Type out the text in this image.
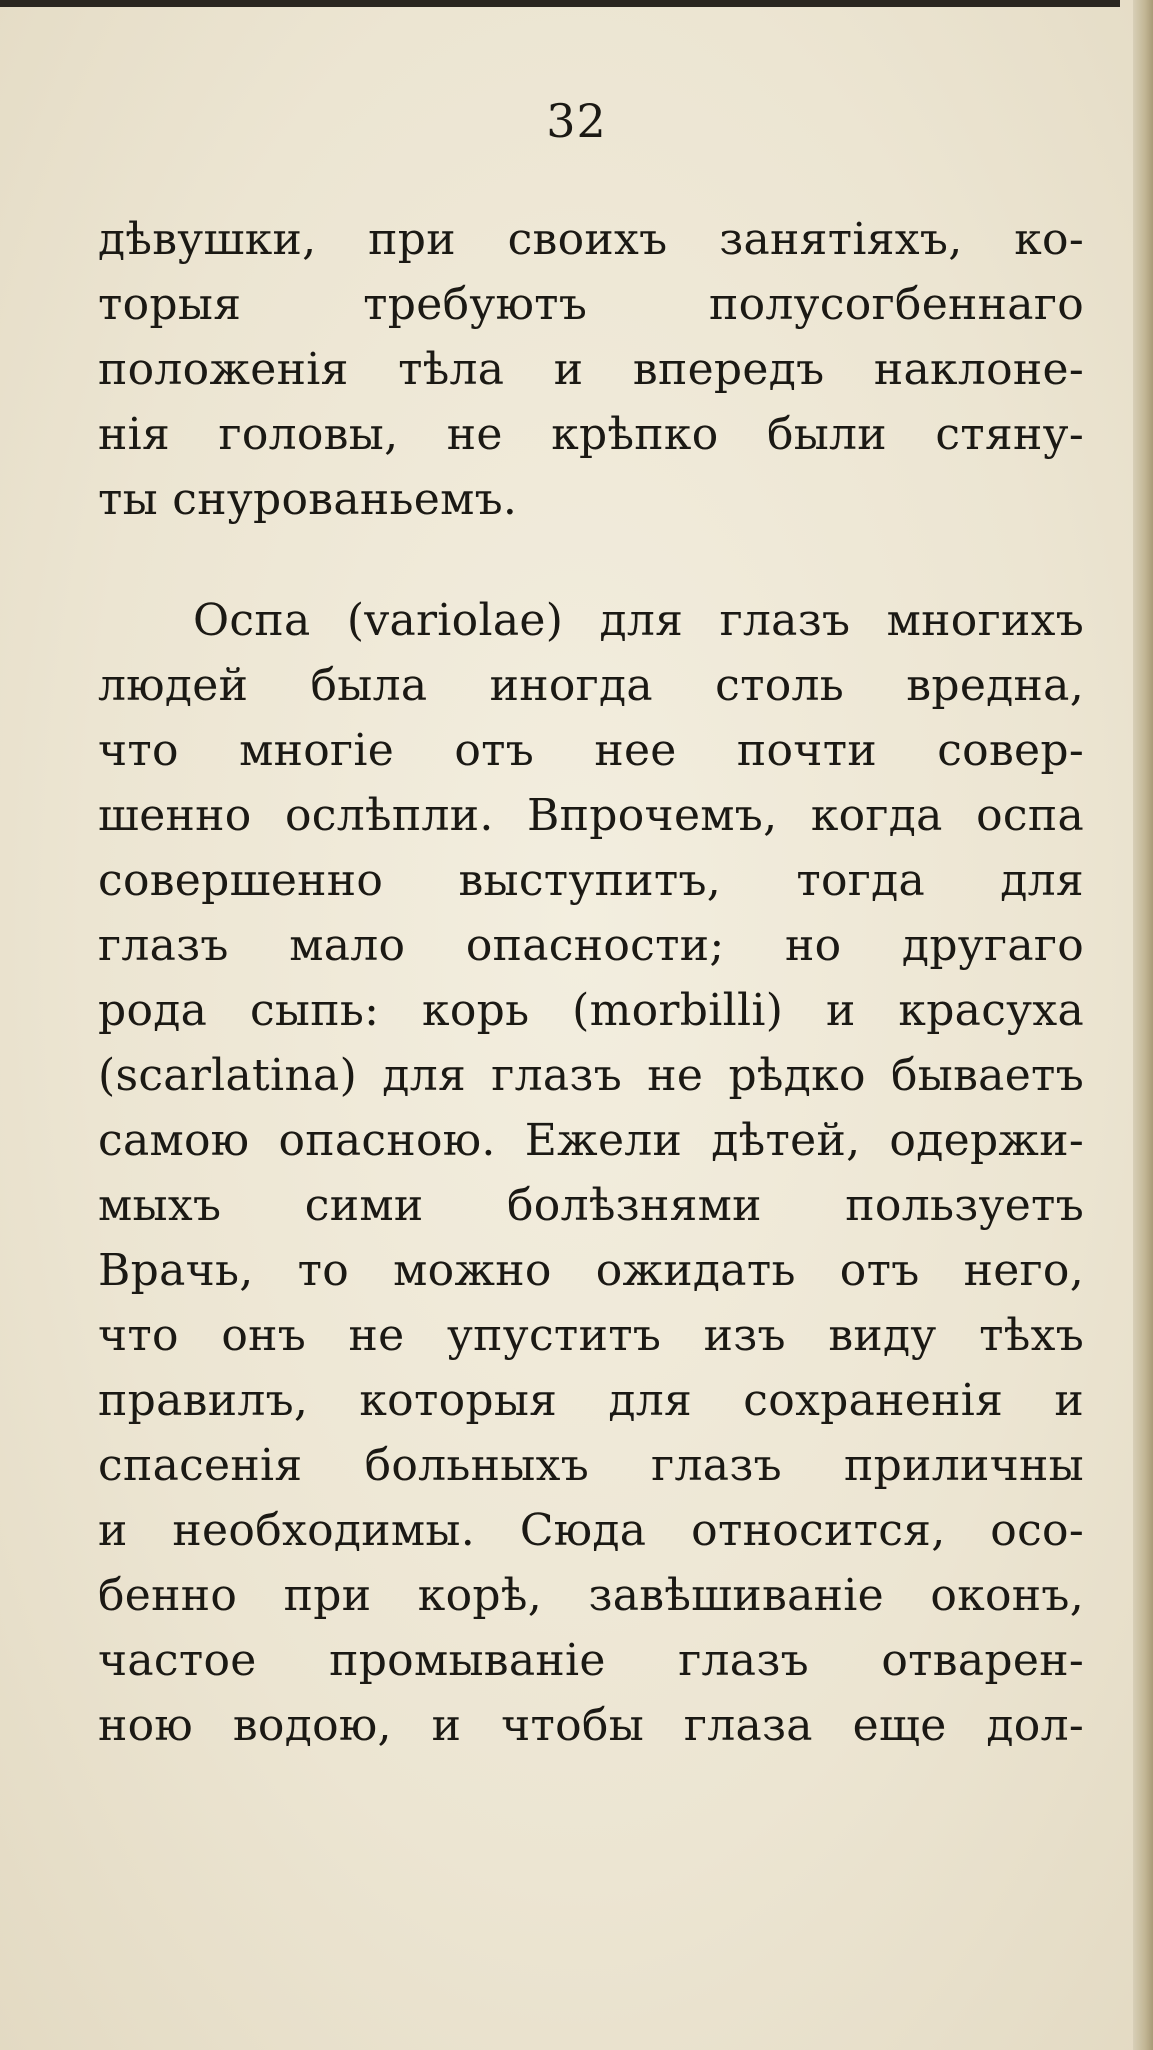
32
дѣвушки, при своихъ занятіяхъ, ко-
торыя требуютъ полусогбеннаго
положенія тѣла и впередъ наклоне-
нія головы, не крѣпко были стяну-
ты снурованьемъ.
Оспа (variolae) для глазъ многихъ
людей была иногда столь вредна,
что многіе отъ нее почти совер-
шенно ослѣпли. Впрочемъ, когда оспа
совершенно выступитъ, тогда для
глазъ мало опасности; но другаго
рода сыпь: корь (morbilli) и красуха
(scarlatina) для глазъ не рѣдко бываетъ
самою опасною. Ежели дѣтей, одержи-
мыхъ сими болѣзнями пользуетъ
Врачь, то можно ожидать отъ него,
что онъ не упуститъ изъ виду тѣхъ
правилъ, которыя для сохраненія и
спасенія больныхъ глазъ приличны
и необходимы. Сюда относится, осо-
бенно при корѣ, завѣшиваніе оконъ,
частое промываніе глазъ отварен-
ною водою, и чтобы глаза еще дол-
